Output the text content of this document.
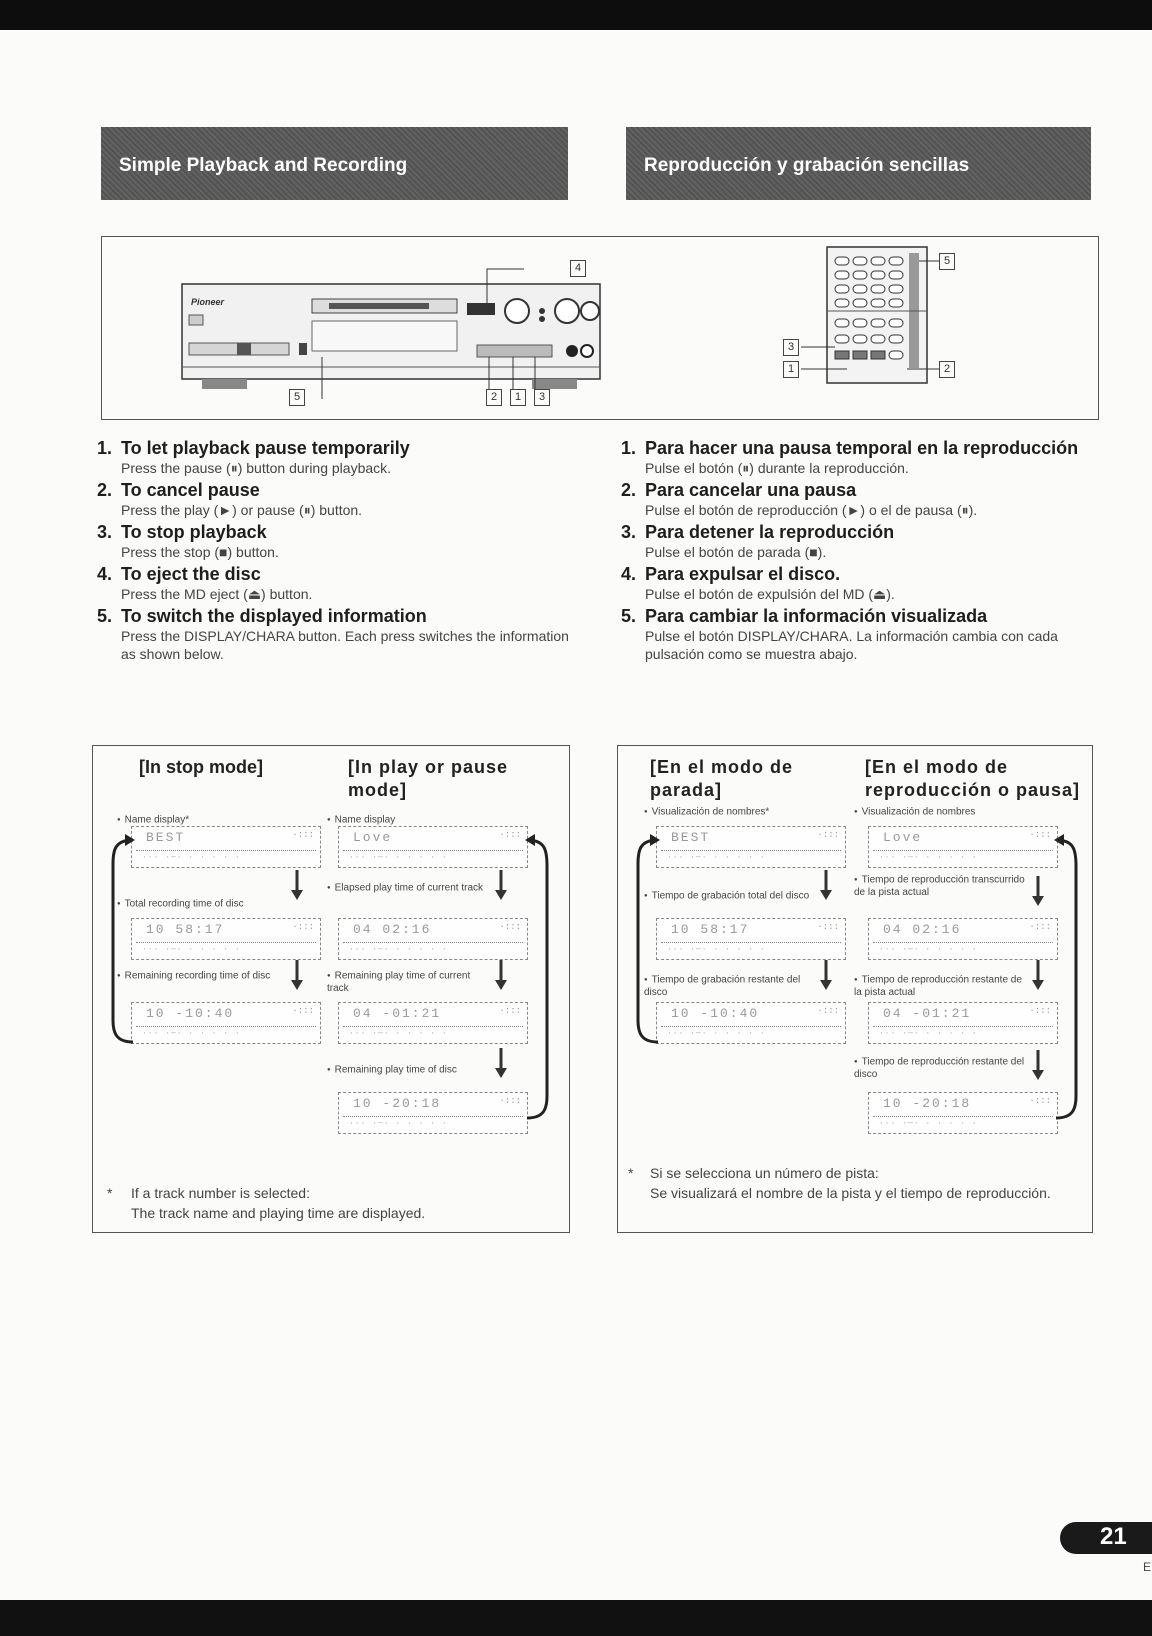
Simple Playback and Recording	Reproducción y grabación sencillas
Pioneer
4
5	2	1	3
5
3
1	2
1. To let playback pause temporarily
Press the pause (⏸) button during playback.
2. To cancel pause
Press the play (►) or pause (⏸) button.
3. To stop playback
Press the stop (■) button.
4. To eject the disc
Press the MD eject (⏏) button.
5. To switch the displayed information
Press the DISPLAY/CHARA button. Each press switches the information as shown below.
1. Para hacer una pausa temporal en la reproducción
Pulse el botón (⏸) durante la reproducción.
2. Para cancelar una pausa
Pulse el botón de reproducción (►) o el de pausa (⏸).
3. Para detener la reproducción
Pulse el botón de parada (■).
4. Para expulsar el disco.
Pulse el botón de expulsión del MD (⏏).
5. Para cambiar la información visualizada
Pulse el botón DISPLAY/CHARA. La información cambia con cada pulsación como se muestra abajo.
[In stop mode]	[In play or pause mode]
● Name display*
BEST	·:::
··· ·—· · · · · ·
● Total recording time of disc
10 58:17	·:::
··· ·—· · · · · ·
● Remaining recording time of disc
10 -10:40	·:::
··· ·—· · · · · ·
● Name display
Love	·:::
··· ·—· · · · · ·
● Elapsed play time of current track
04 02:16	·:::
··· ·—· · · · · ·
● Remaining play time of current track
04 -01:21	·:::
··· ·—· · · · · ·
● Remaining play time of disc
10 -20:18	·:::
··· ·—· · · · · ·
*	If a track number is selected:
The track name and playing time are displayed.
[En el modo de parada]
[En el modo de reproducción o pausa]
● Visualización de nombres*
BEST	·:::
··· ·—· · · · · ·
● Tiempo de grabación total del disco
10 58:17	·:::
··· ·—· · · · · ·
● Tiempo de grabación restante del disco
10 -10:40	·:::
··· ·—· · · · · ·
● Visualización de nombres
Love	·:::
··· ·—· · · · · ·
● Tiempo de reproducción transcurrido de la pista actual
04 02:16	·:::
··· ·—· · · · · ·
● Tiempo de reproducción restante de la pista actual
04 -01:21	·:::
··· ·—· · · · · ·
● Tiempo de reproducción restante del disco
10 -20:18	·:::
··· ·—· · · · · ·
*	Si se selecciona un número de pista:
Se visualizará el nombre de la pista y el tiempo de reproducción.
21
E
